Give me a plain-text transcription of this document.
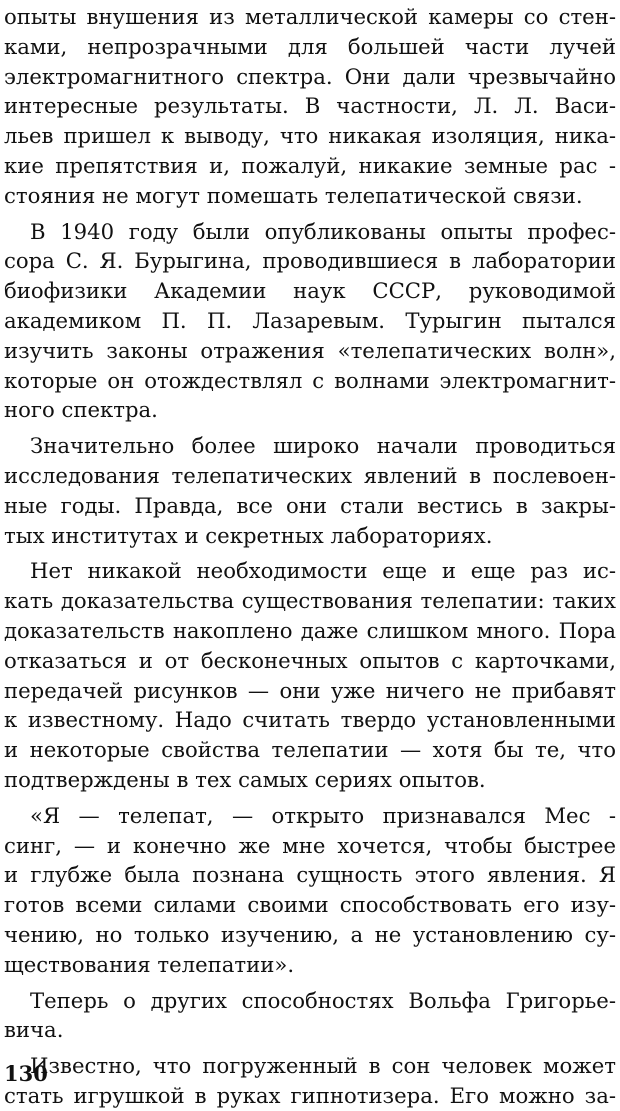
опыты внушения из металлической камеры со стен-
ками, непрозрачными для большей части лучей
электромагнитного спектра. Они дали чрезвычайно
интересные результаты. В частности, Л. Л. Васи-
льев пришел к выводу, что никакая изоляция, ника-
кие препятствия и, пожалуй, никакие земные рас -
стояния не могут помешать телепатической связи.
В 1940 году были опубликованы опыты профес-
сора С. Я. Бурыгина, проводившиеся в лаборатории
биофизики Академии наук СССР, руководимой
академиком П. П. Лазаревым. Турыгин пытался
изучить законы отражения «телепатических волн»,
которые он отождествлял с волнами электромагнит-
ного спектра.
Значительно более широко начали проводиться
исследования телепатических явлений в послевоен-
ные годы. Правда, все они стали вестись в закры-
тых институтах и секретных лабораториях.
Нет никакой необходимости еще и еще раз ис-
кать доказательства существования телепатии: таких
доказательств накоплено даже слишком много. Пора
отказаться и от бесконечных опытов с карточками,
передачей рисунков — они уже ничего не прибавят
к известному. Надо считать твердо установленными
и некоторые свойства телепатии — хотя бы те, что
подтверждены в тех самых сериях опытов.
«Я — телепат, — открыто признавался Мес -
синг, — и конечно же мне хочется, чтобы быстрее
и глубже была познана сущность этого явления. Я
готов всеми силами своими способствовать его изу-
чению, но только изучению, а не установлению су-
ществования телепатии».
Теперь о других способностях Вольфа Григорье-
вича.
Известно, что погруженный в сон человек может
стать игрушкой в руках гипнотизера. Его можно за-
130
